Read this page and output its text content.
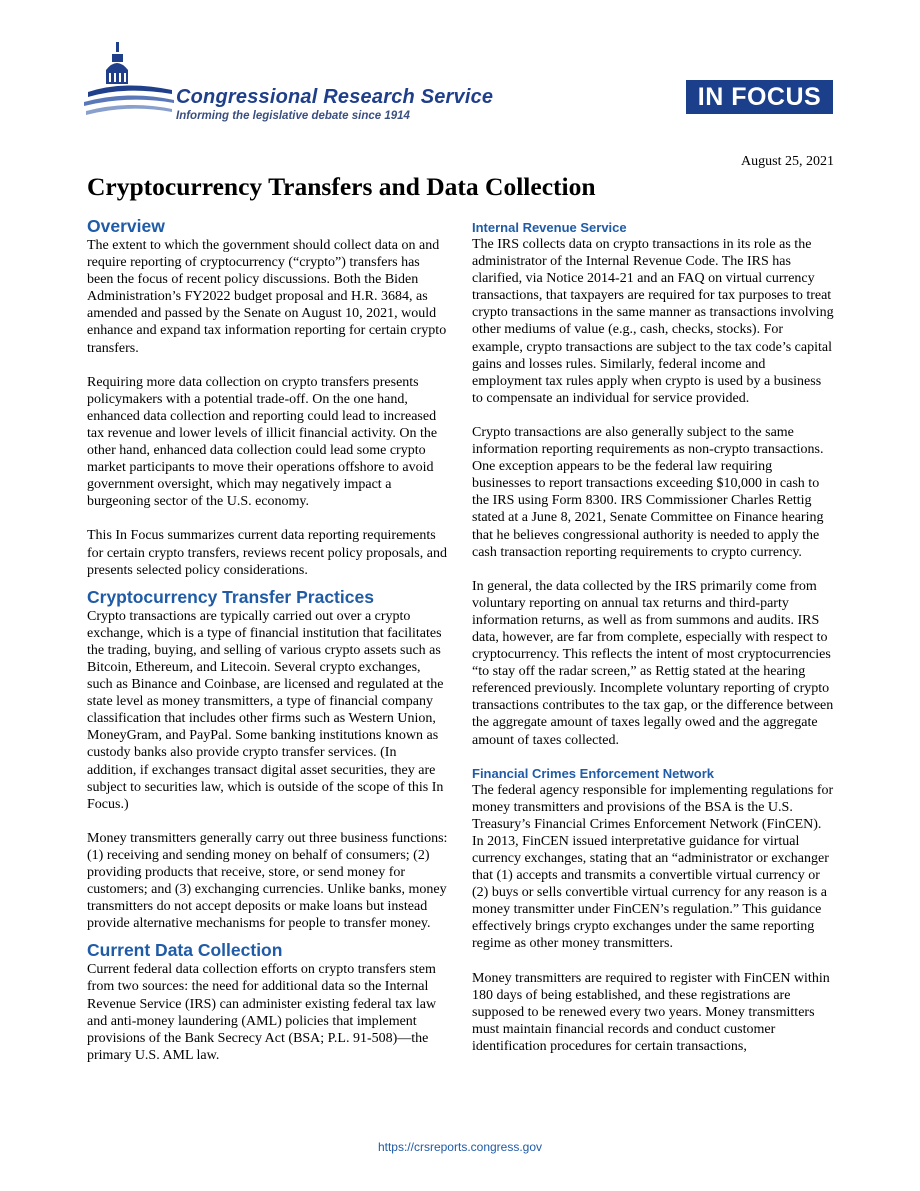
Congressional Research Service
Informing the legislative debate since 1914
IN FOCUS
August 25, 2021
Cryptocurrency Transfers and Data Collection
Overview

The extent to which the government should collect data on and require reporting of cryptocurrency (“crypto”) transfers has been the focus of recent policy discussions. Both the Biden Administration’s FY2022 budget proposal and H.R. 3684, as amended and passed by the Senate on August 10, 2021, would enhance and expand tax information reporting for certain crypto transfers.

Requiring more data collection on crypto transfers presents policymakers with a potential trade-off. On the one hand, enhanced data collection and reporting could lead to increased tax revenue and lower levels of illicit financial activity. On the other hand, enhanced data collection could lead some crypto market participants to move their operations offshore to avoid government oversight, which may negatively impact a burgeoning sector of the U.S. economy.

This In Focus summarizes current data reporting requirements for certain crypto transfers, reviews recent policy proposals, and presents selected policy considerations.

Cryptocurrency Transfer Practices

Crypto transactions are typically carried out over a crypto exchange, which is a type of financial institution that facilitates the trading, buying, and selling of various crypto assets such as Bitcoin, Ethereum, and Litecoin. Several crypto exchanges, such as Binance and Coinbase, are licensed and regulated at the state level as money transmitters, a type of financial company classification that includes other firms such as Western Union, MoneyGram, and PayPal. Some banking institutions known as custody banks also provide crypto transfer services. (In addition, if exchanges transact digital asset securities, they are subject to securities law, which is outside of the scope of this In Focus.)

Money transmitters generally carry out three business functions: (1) receiving and sending money on behalf of consumers; (2) providing products that receive, store, or send money for customers; and (3) exchanging currencies. Unlike banks, money transmitters do not accept deposits or make loans but instead provide alternative mechanisms for people to transfer money.

Current Data Collection

Current federal data collection efforts on crypto transfers stem from two sources: the need for additional data so the Internal Revenue Service (IRS) can administer existing federal tax law and anti-money laundering (AML) policies that implement provisions of the Bank Secrecy Act (BSA; P.L. 91-508)—the primary U.S. AML law.

Internal Revenue Service

The IRS collects data on crypto transactions in its role as the administrator of the Internal Revenue Code. The IRS has clarified, via Notice 2014-21 and an FAQ on virtual currency transactions, that taxpayers are required for tax purposes to treat crypto transactions in the same manner as transactions involving other mediums of value (e.g., cash, checks, stocks). For example, crypto transactions are subject to the tax code’s capital gains and losses rules. Similarly, federal income and employment tax rules apply when crypto is used by a business to compensate an individual for service provided.

Crypto transactions are also generally subject to the same information reporting requirements as non-crypto transactions. One exception appears to be the federal law requiring businesses to report transactions exceeding $10,000 in cash to the IRS using Form 8300. IRS Commissioner Charles Rettig stated at a June 8, 2021, Senate Committee on Finance hearing that he believes congressional authority is needed to apply the cash transaction reporting requirements to crypto currency.

In general, the data collected by the IRS primarily come from voluntary reporting on annual tax returns and third-party information returns, as well as from summons and audits. IRS data, however, are far from complete, especially with respect to cryptocurrency. This reflects the intent of most cryptocurrencies “to stay off the radar screen,” as Rettig stated at the hearing referenced previously. Incomplete voluntary reporting of crypto transactions contributes to the tax gap, or the difference between the aggregate amount of taxes legally owed and the aggregate amount of taxes collected.

Financial Crimes Enforcement Network

The federal agency responsible for implementing regulations for money transmitters and provisions of the BSA is the U.S. Treasury’s Financial Crimes Enforcement Network (FinCEN). In 2013, FinCEN issued interpretative guidance for virtual currency exchanges, stating that an “administrator or exchanger that (1) accepts and transmits a convertible virtual currency or (2) buys or sells convertible virtual currency for any reason is a money transmitter under FinCEN’s regulation.” This guidance effectively brings crypto exchanges under the same reporting regime as other money transmitters.

Money transmitters are required to register with FinCEN within 180 days of being established, and these registrations are supposed to be renewed every two years. Money transmitters must maintain financial records and conduct customer identification procedures for certain transactions,

https://crsreports.congress.gov
